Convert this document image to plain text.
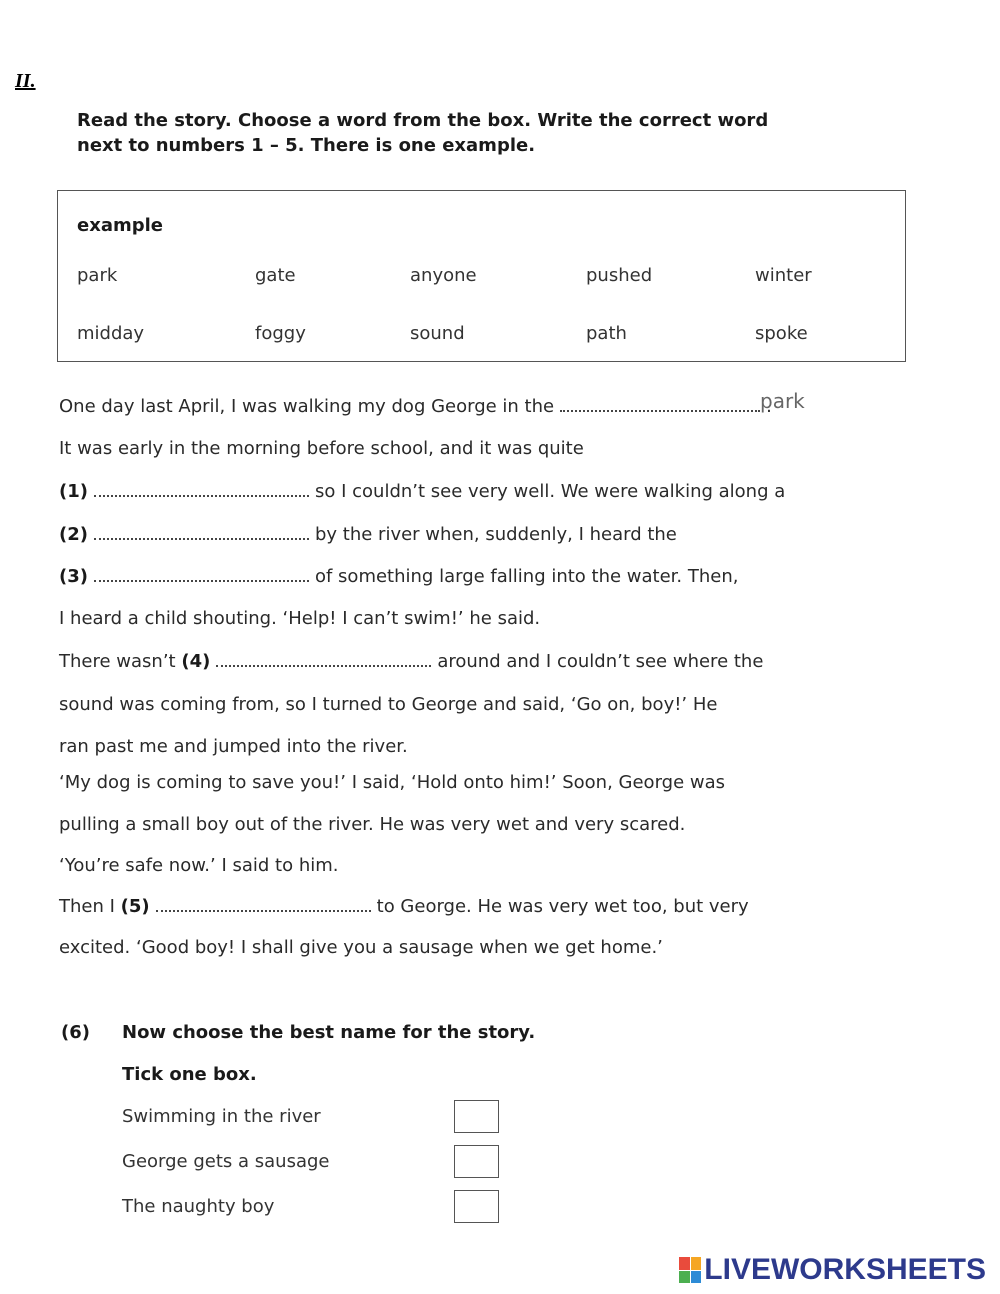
II.
Read the story. Choose a word from the box. Write the correct word
next to numbers 1 – 5. There is one example.
example
park	gate	anyone	pushed	winter
midday	foggy	sound	path	spoke
One day last April, I was walking my dog George in the	.
park
It was early in the morning before school, and it was quite
(1)	so I couldn’t see very well. We were walking along a
(2)	by the river when, suddenly, I heard the
(3)	of something large falling into the water. Then,
I heard a child shouting. ‘Help! I can’t swim!’ he said.
There wasn’t (4)	around and I couldn’t see where the
sound was coming from, so I turned to George and said, ‘Go on, boy!’ He
ran past me and jumped into the river.
‘My dog is coming to save you!’ I said, ‘Hold onto him!’ Soon, George was
pulling a small boy out of the river. He was very wet and very scared.
‘You’re safe now.’ I said to him.
Then I (5)	to George. He was very wet too, but very
excited. ‘Good boy! I shall give you a sausage when we get home.’
(6) Now choose the best name for the story.
Tick one box.
Swimming in the river
George gets a sausage
The naughty boy
LIVEWORKSHEETS
